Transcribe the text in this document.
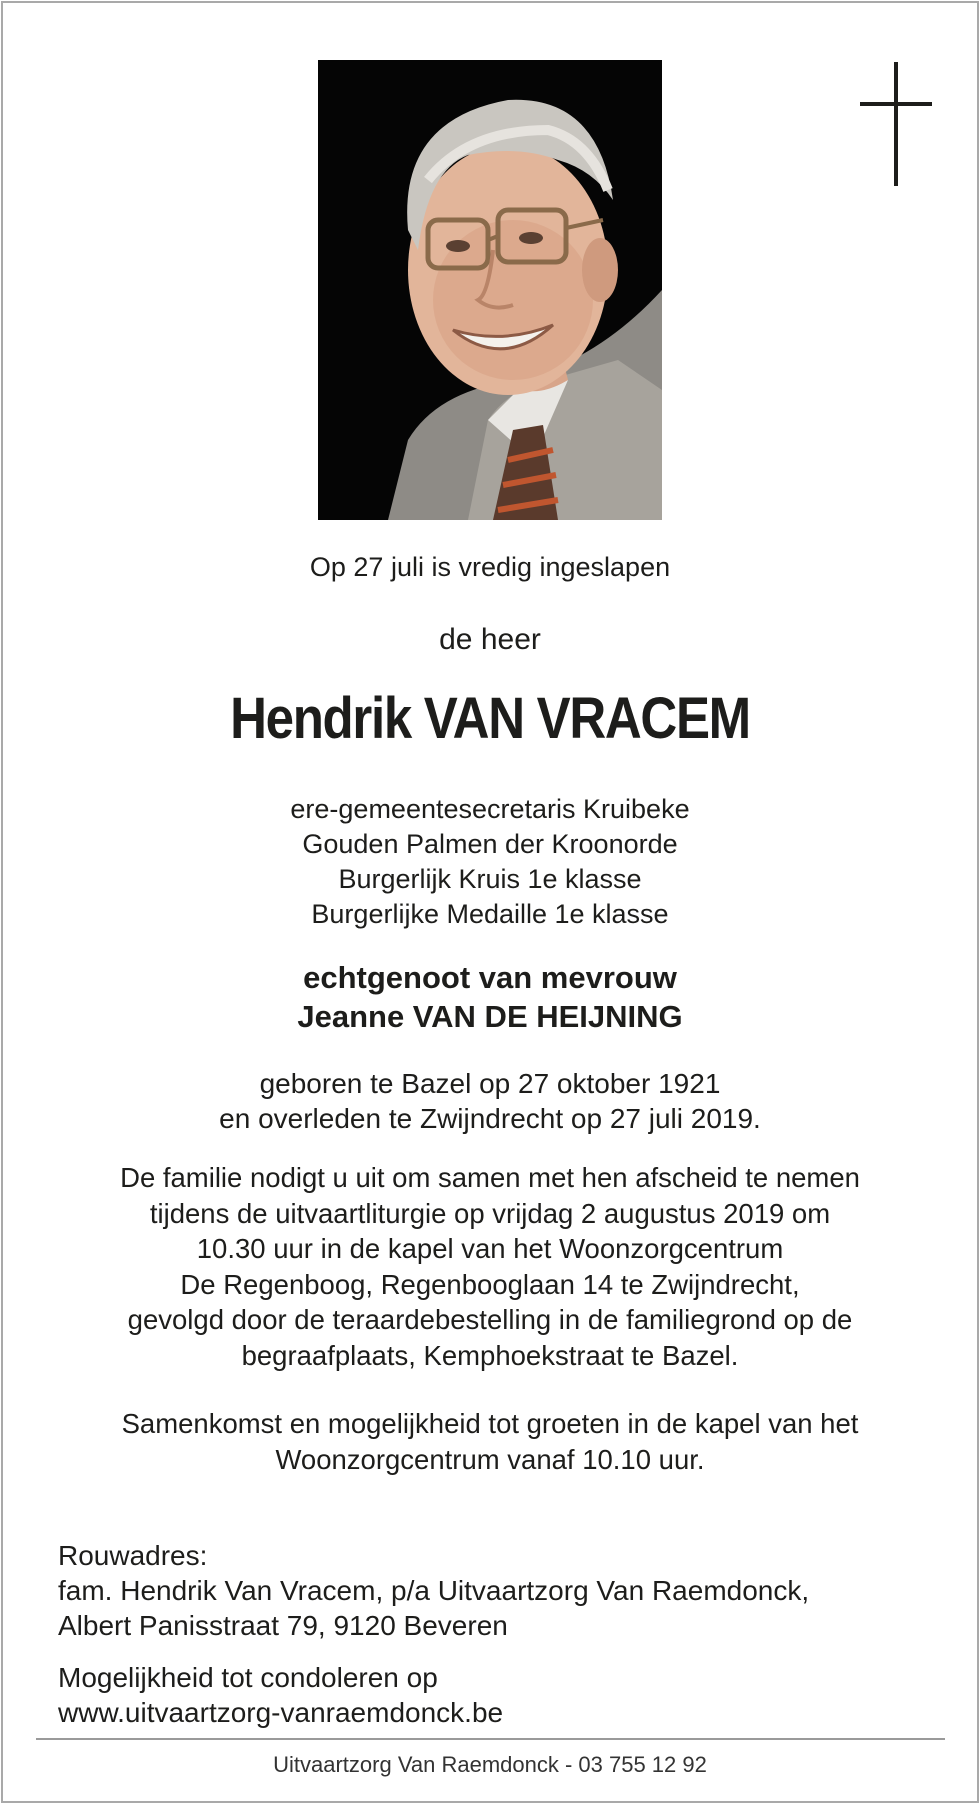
Op 27 juli is vredig ingeslapen
de heer
Hendrik VAN VRACEM
ere-gemeentesecretaris Kruibeke
Gouden Palmen der Kroonorde
Burgerlijk Kruis 1e klasse
Burgerlijke Medaille 1e klasse
echtgenoot van mevrouw
Jeanne VAN DE HEIJNING
geboren te Bazel op 27 oktober 1921
en overleden te Zwijndrecht op 27 juli 2019.
De familie nodigt u uit om samen met hen afscheid te nemen
tijdens de uitvaartliturgie op vrijdag 2 augustus 2019 om
10.30 uur in de kapel van het Woonzorgcentrum
De Regenboog, Regenbooglaan 14 te Zwijndrecht,
gevolgd door de teraardebestelling in de familiegrond op de
begraafplaats, Kemphoekstraat te Bazel.
Samenkomst en mogelijkheid tot groeten in de kapel van het
Woonzorgcentrum vanaf 10.10 uur.
Rouwadres:
fam. Hendrik Van Vracem, p/a Uitvaartzorg Van Raemdonck,
Albert Panisstraat 79, 9120 Beveren
Mogelijkheid tot condoleren op
www.uitvaartzorg-vanraemdonck.be
Uitvaartzorg Van Raemdonck - 03 755 12 92
